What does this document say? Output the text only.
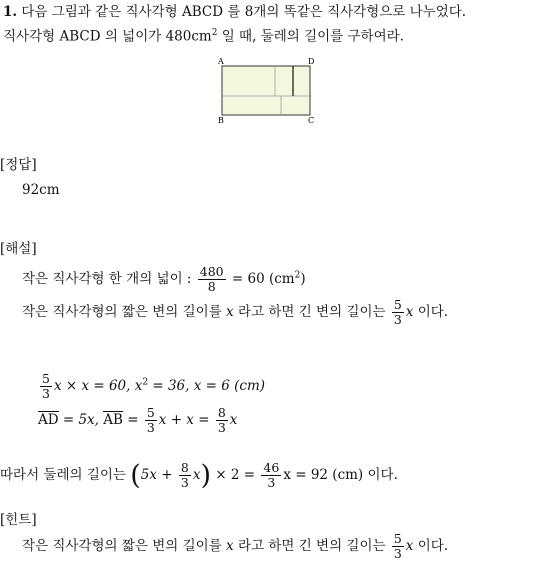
1. 다음 그림과 같은 직사각형 ABCD 를 8개의 똑같은 직사각형으로 나누었다.
직사각형 ABCD 의 넓이가 $480cm^2$ 일 때, 둘레의 길이를 구하여라.
A	D
B	C
[정답]
92cm
[해설]
작은 직사각형 한 개의 넓이 : $\frac{480}{8} = 60$ $(cm^2)$
작은 직사각형의 짧은 변의 길이를 x 라고 하면 긴 변의 길이는 $\frac{5}{3}$ x 이다.
$\frac{5}{3}$ x × x = 60, $x^2 = 36$, x = 6 (cm)
AD = 5x, AB = $\frac{5}{3}$ $x + x = \frac{8}{3}$ x
따라서 둘레의 길이는 $(5x + \frac{8}{3} x) \times 2 = \frac{46}{3}$ x = 92 (cm) 이다.
[힌트]
작은 직사각형의 짧은 변의 길이를 x 라고 하면 긴 변의 길이는 $\frac{5}{3}$ x 이다.
